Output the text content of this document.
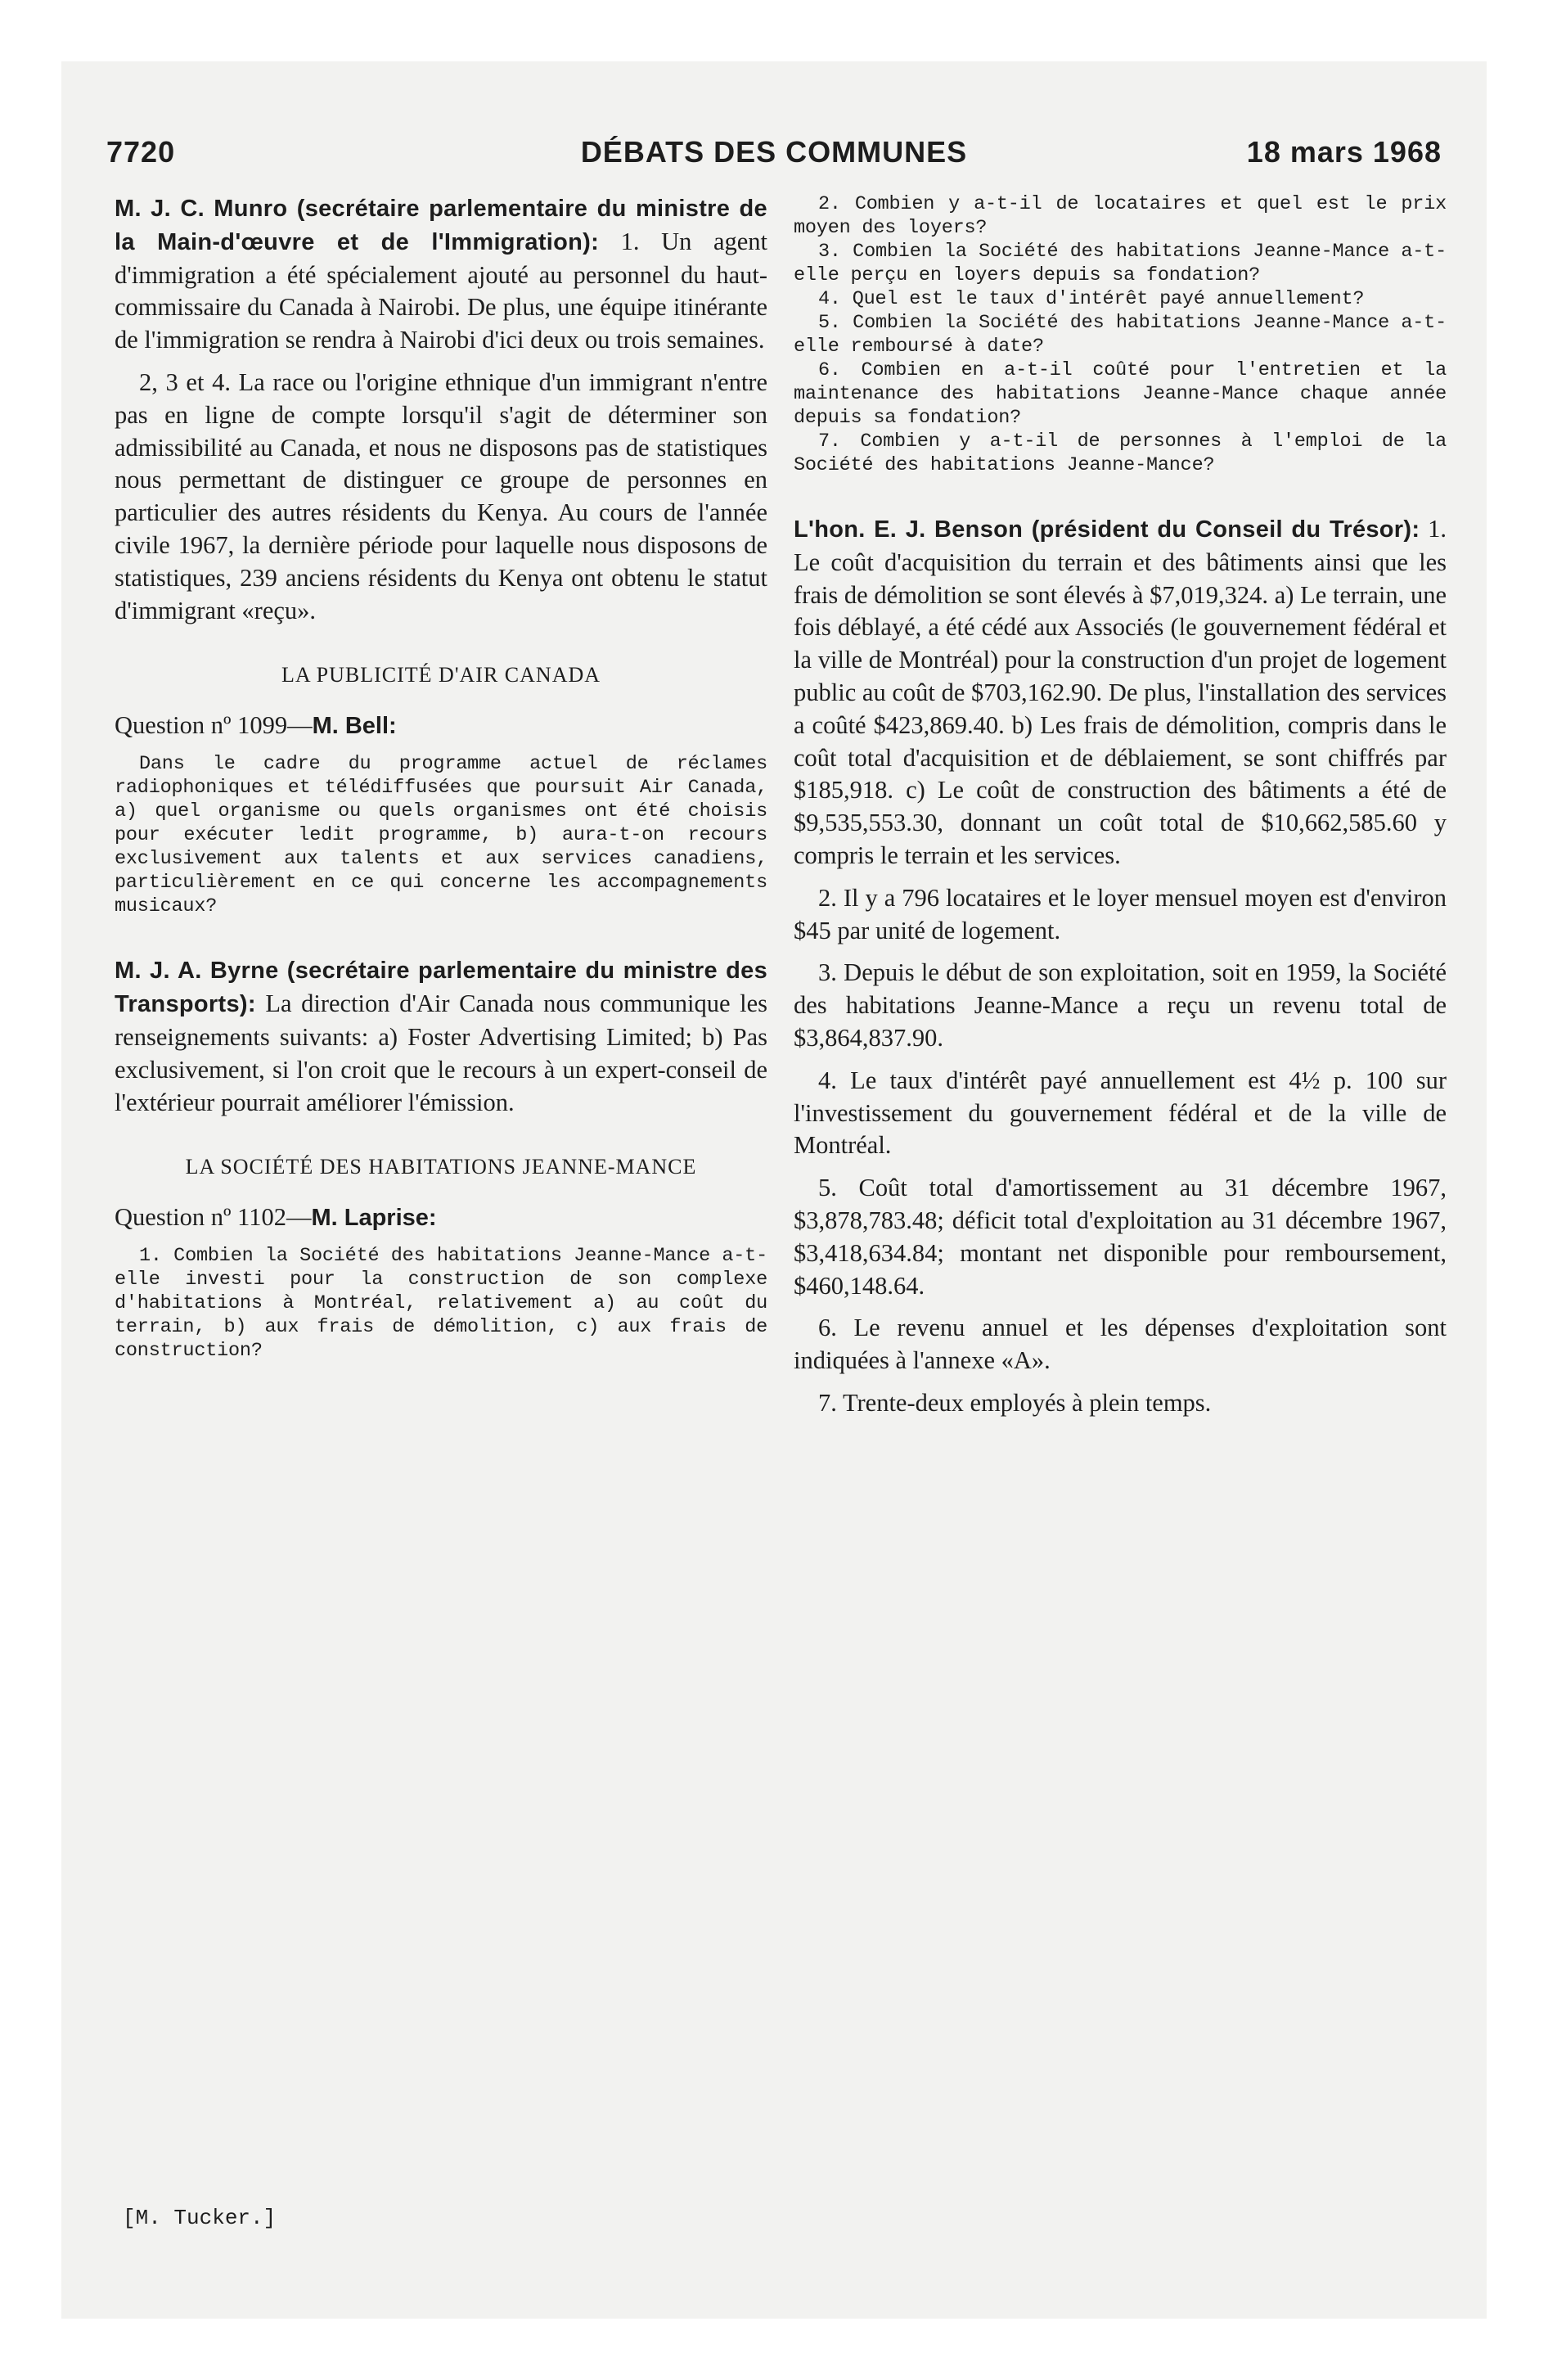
7720	DÉBATS DES COMMUNES	18 mars 1968

M. J. C. Munro (secrétaire parlementaire du ministre de la Main-d'œuvre et de l'Immigration): 1. Un agent d'immigration a été spécialement ajouté au personnel du haut-commissaire du Canada à Nairobi. De plus, une équipe itinérante de l'immigration se rendra à Nairobi d'ici deux ou trois semaines.

2, 3 et 4. La race ou l'origine ethnique d'un immigrant n'entre pas en ligne de compte lorsqu'il s'agit de déterminer son admissibilité au Canada, et nous ne disposons pas de statistiques nous permettant de distinguer ce groupe de personnes en particulier des autres résidents du Kenya. Au cours de l'année civile 1967, la dernière période pour laquelle nous disposons de statistiques, 239 anciens résidents du Kenya ont obtenu le statut d'immigrant «reçu».

LA PUBLICITÉ D'AIR CANADA

Question nº 1099—M. Bell:

Dans le cadre du programme actuel de réclames radiophoniques et télédiffusées que poursuit Air Canada, a) quel organisme ou quels organismes ont été choisis pour exécuter ledit programme, b) aura-t-on recours exclusivement aux talents et aux services canadiens, particulièrement en ce qui concerne les accompagnements musicaux?

M. J. A. Byrne (secrétaire parlementaire du ministre des Transports): La direction d'Air Canada nous communique les renseignements suivants: a) Foster Advertising Limited; b) Pas exclusivement, si l'on croit que le recours à un expert-conseil de l'extérieur pourrait améliorer l'émission.

LA SOCIÉTÉ DES HABITATIONS JEANNE-MANCE

Question nº 1102—M. Laprise:

1. Combien la Société des habitations Jeanne-Mance a-t-elle investi pour la construction de son complexe d'habitations à Montréal, relativement a) au coût du terrain, b) aux frais de démolition, c) aux frais de construction?

2. Combien y a-t-il de locataires et quel est le prix moyen des loyers?

3. Combien la Société des habitations Jeanne-Mance a-t-elle perçu en loyers depuis sa fondation?

4. Quel est le taux d'intérêt payé annuellement?

5. Combien la Société des habitations Jeanne-Mance a-t-elle remboursé à date?

6. Combien en a-t-il coûté pour l'entretien et la maintenance des habitations Jeanne-Mance chaque année depuis sa fondation?

7. Combien y a-t-il de personnes à l'emploi de la Société des habitations Jeanne-Mance?

L'hon. E. J. Benson (président du Conseil du Trésor): 1. Le coût d'acquisition du terrain et des bâtiments ainsi que les frais de démolition se sont élevés à $7,019,324. a) Le terrain, une fois déblayé, a été cédé aux Associés (le gouvernement fédéral et la ville de Montréal) pour la construction d'un projet de logement public au coût de $703,162.90. De plus, l'installation des services a coûté $423,869.40. b) Les frais de démolition, compris dans le coût total d'acquisition et de déblaiement, se sont chiffrés par $185,918. c) Le coût de construction des bâtiments a été de $9,535,553.30, donnant un coût total de $10,662,585.60 y compris le terrain et les services.

2. Il y a 796 locataires et le loyer mensuel moyen est d'environ $45 par unité de logement.

3. Depuis le début de son exploitation, soit en 1959, la Société des habitations Jeanne-Mance a reçu un revenu total de $3,864,837.90.

4. Le taux d'intérêt payé annuellement est 4½ p. 100 sur l'investissement du gouvernement fédéral et de la ville de Montréal.

5. Coût total d'amortissement au 31 décembre 1967, $3,878,783.48; déficit total d'exploitation au 31 décembre 1967, $3,418,634.84; montant net disponible pour remboursement, $460,148.64.

6. Le revenu annuel et les dépenses d'exploitation sont indiquées à l'annexe «A».

7. Trente-deux employés à plein temps.

[M. Tucker.]
